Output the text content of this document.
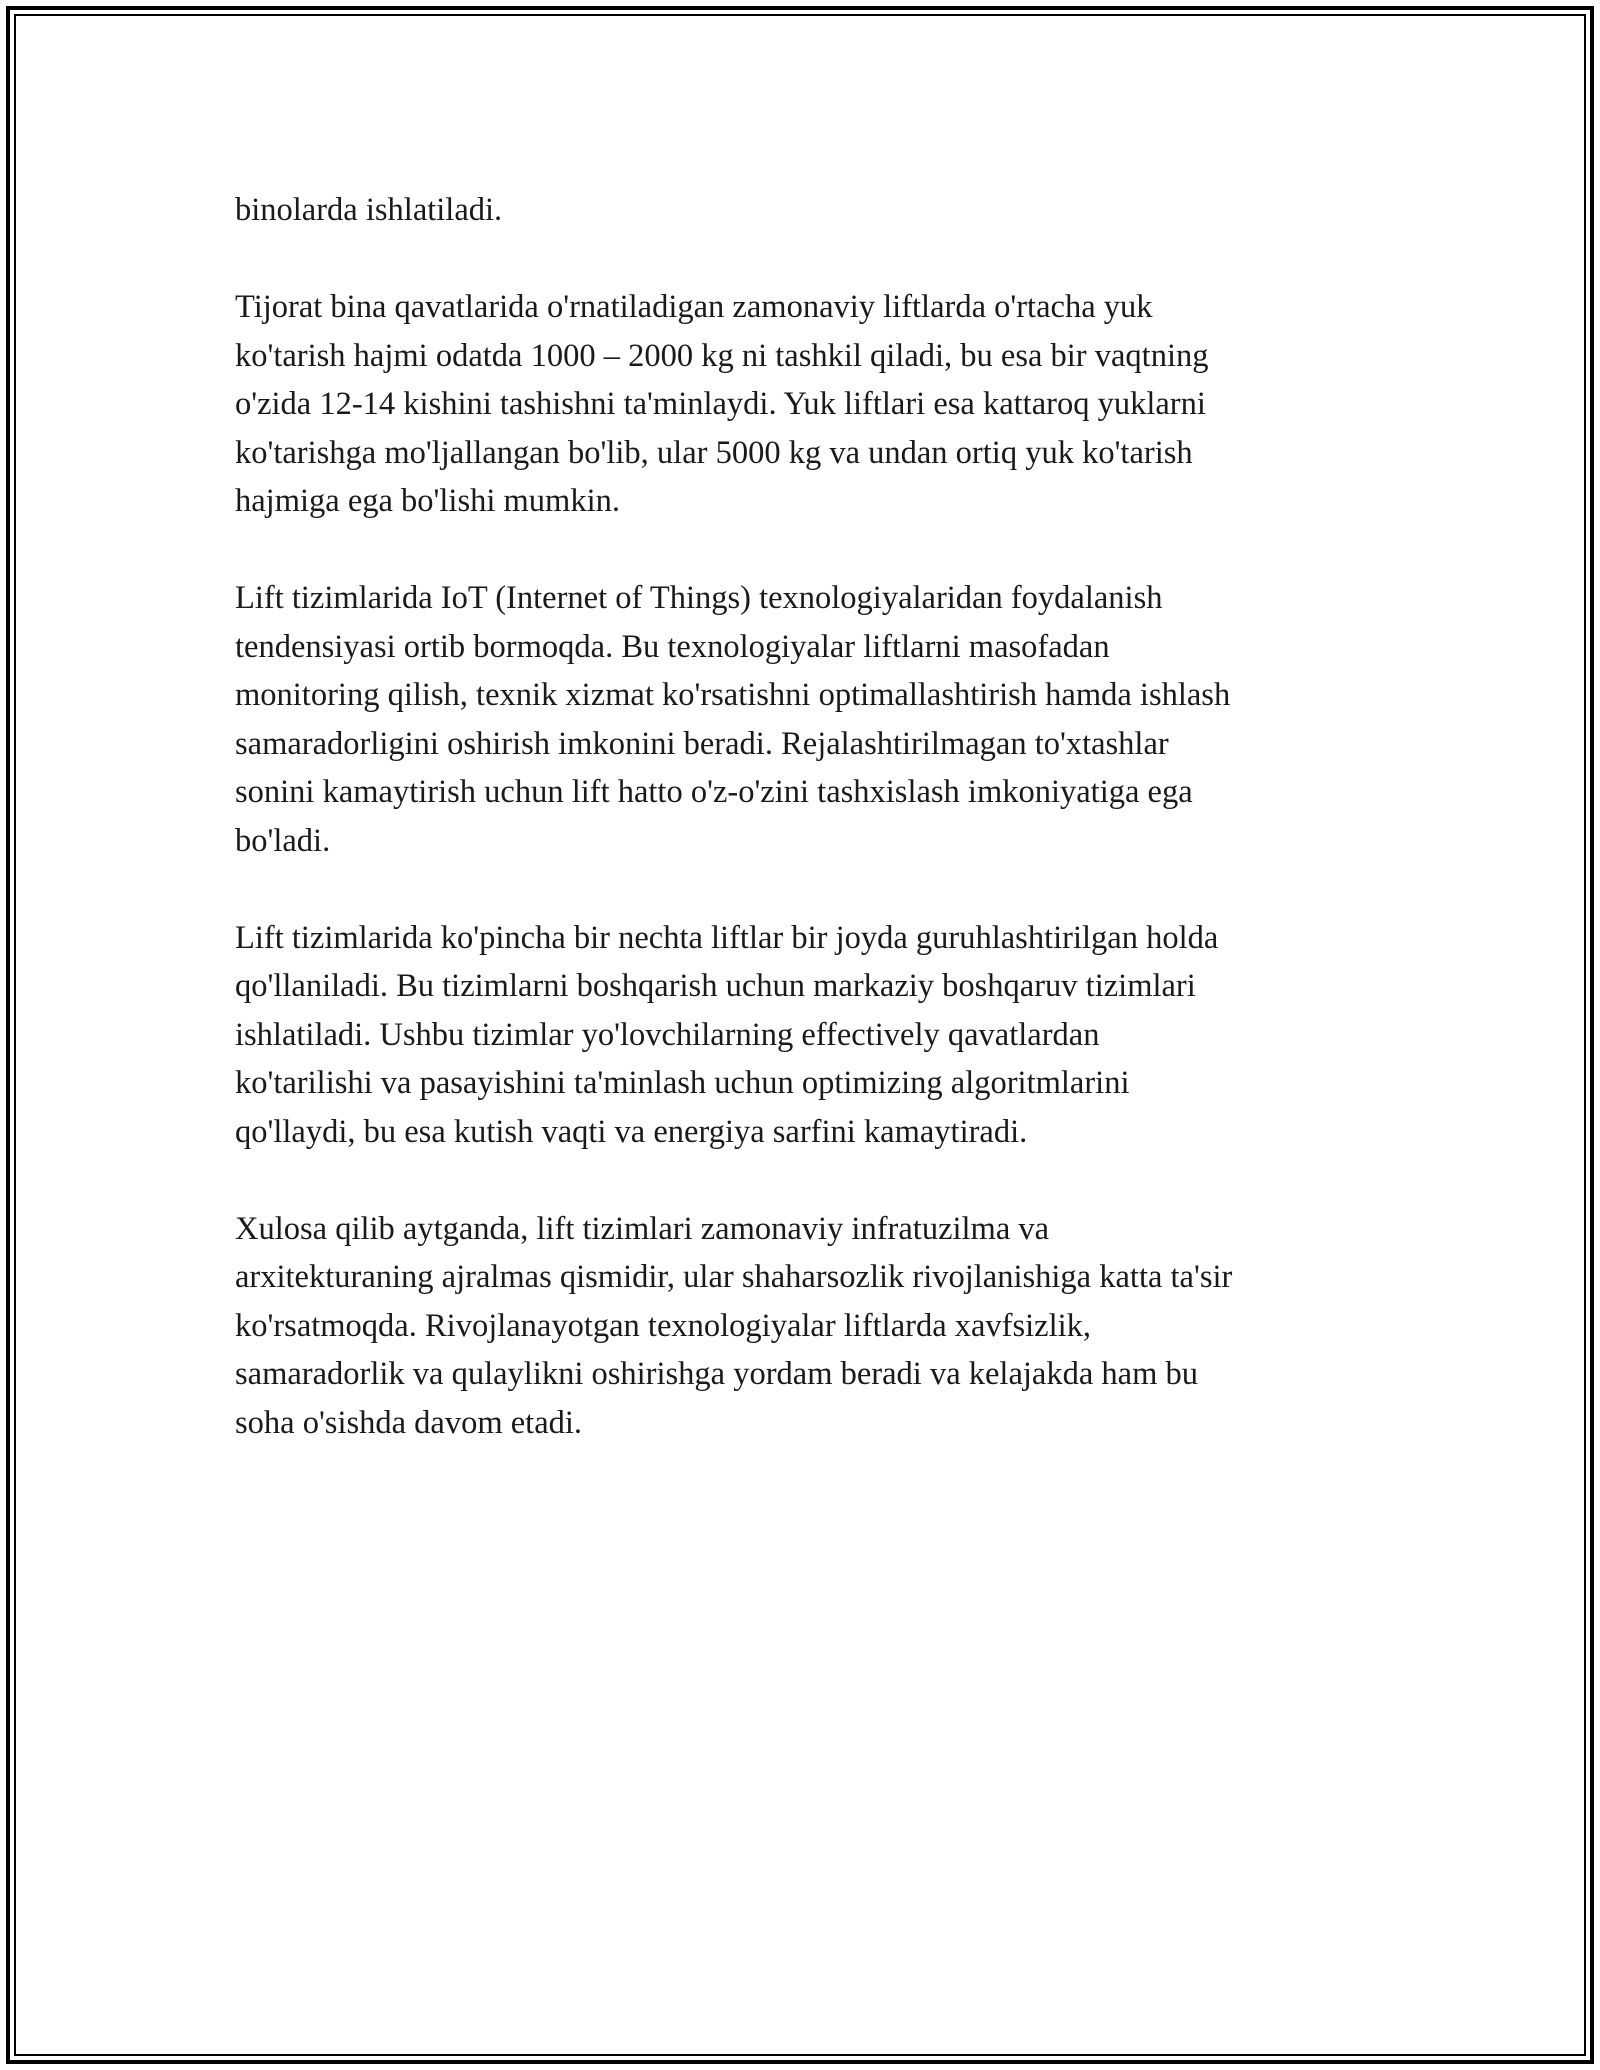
binolarda ishlatiladi.

Tijorat bina qavatlarida o'rnatiladigan zamonaviy liftlarda o'rtacha yuk
ko'tarish hajmi odatda 1000 – 2000 kg ni tashkil qiladi, bu esa bir vaqtning
o'zida 12-14 kishini tashishni ta'minlaydi. Yuk liftlari esa kattaroq yuklarni
ko'tarishga mo'ljallangan bo'lib, ular 5000 kg va undan ortiq yuk ko'tarish
hajmiga ega bo'lishi mumkin.

Lift tizimlarida IoT (Internet of Things) texnologiyalaridan foydalanish
tendensiyasi ortib bormoqda. Bu texnologiyalar liftlarni masofadan
monitoring qilish, texnik xizmat ko'rsatishni optimallashtirish hamda ishlash
samaradorligini oshirish imkonini beradi. Rejalashtirilmagan to'xtashlar
sonini kamaytirish uchun lift hatto o'z-o'zini tashxislash imkoniyatiga ega
bo'ladi.

Lift tizimlarida ko'pincha bir nechta liftlar bir joyda guruhlashtirilgan holda
qo'llaniladi. Bu tizimlarni boshqarish uchun markaziy boshqaruv tizimlari
ishlatiladi. Ushbu tizimlar yo'lovchilarning effectively qavatlardan
ko'tarilishi va pasayishini ta'minlash uchun optimizing algoritmlarini
qo'llaydi, bu esa kutish vaqti va energiya sarfini kamaytiradi.

Xulosa qilib aytganda, lift tizimlari zamonaviy infratuzilma va
arxitekturaning ajralmas qismidir, ular shaharsozlik rivojlanishiga katta ta'sir
ko'rsatmoqda. Rivojlanayotgan texnologiyalar liftlarda xavfsizlik,
samaradorlik va qulaylikni oshirishga yordam beradi va kelajakda ham bu
soha o'sishda davom etadi.
